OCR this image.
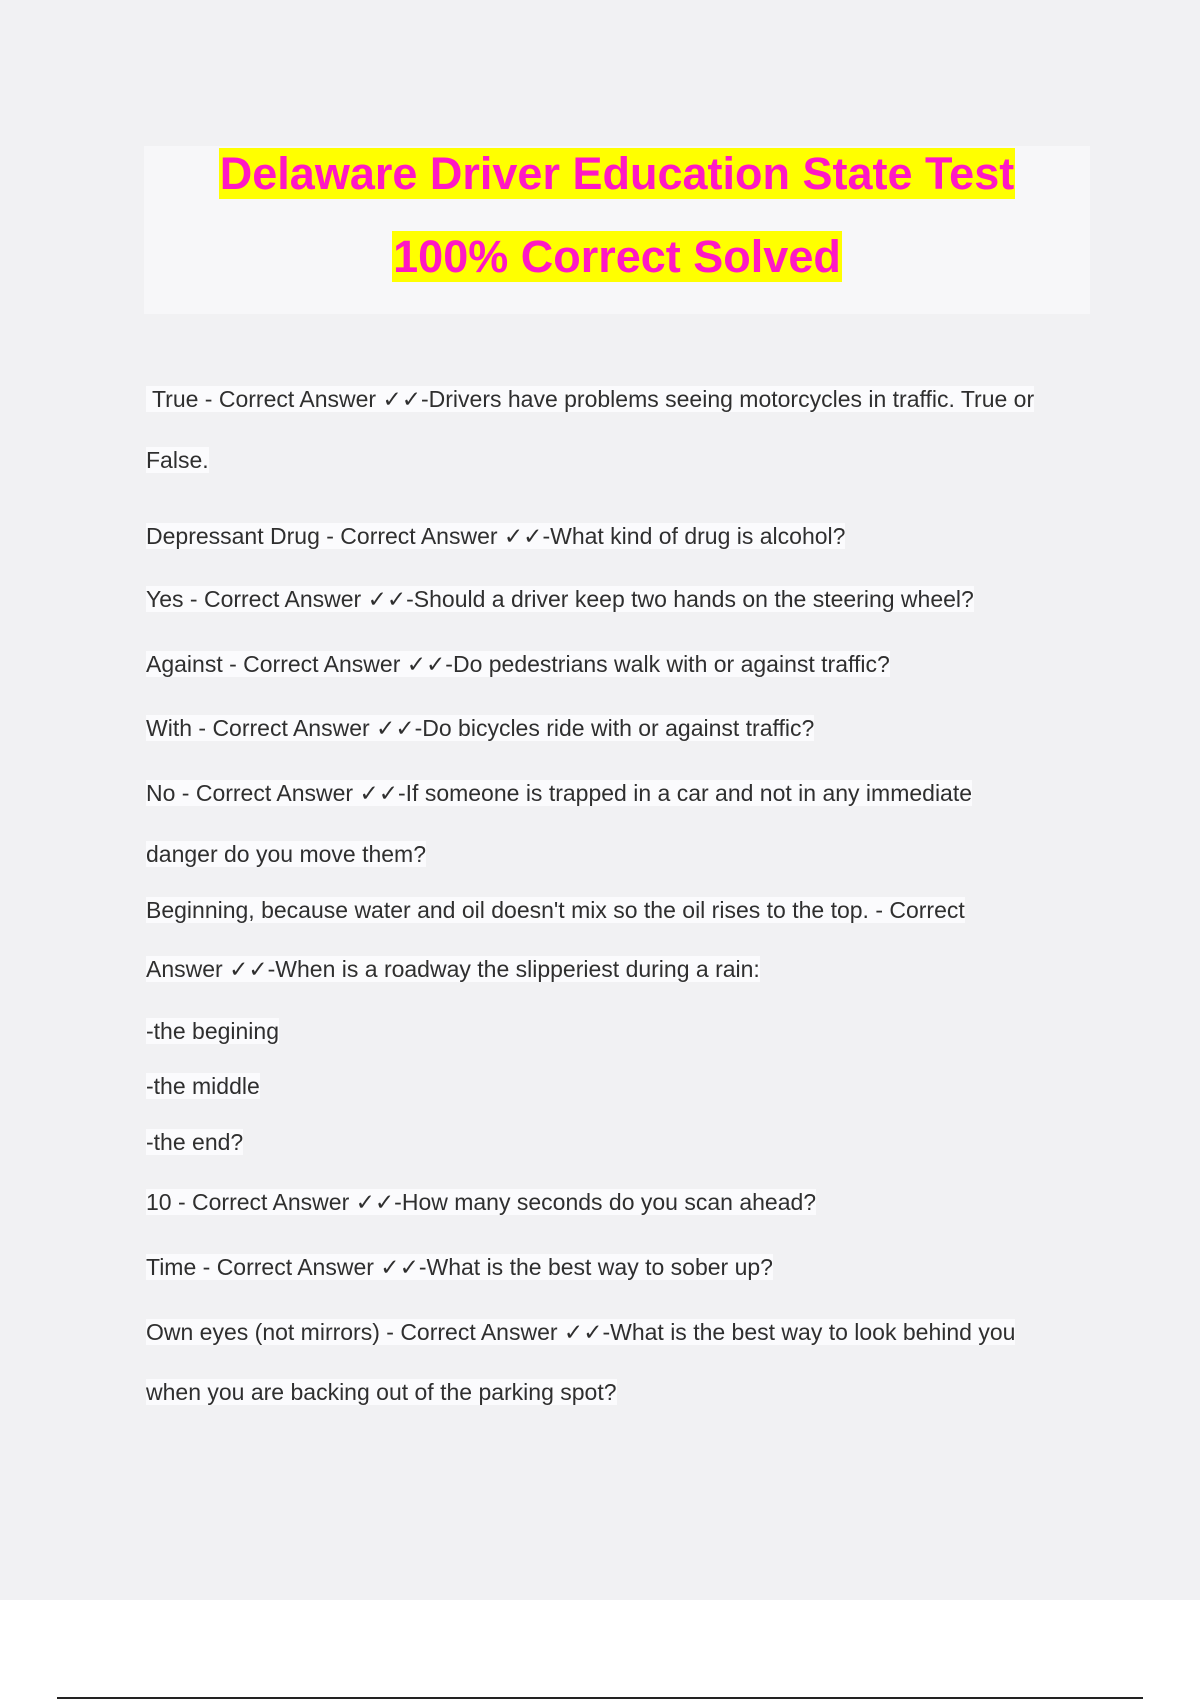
Delaware Driver Education State Test
100% Correct Solved
True - Correct Answer ✓✓-Drivers have problems seeing motorcycles in traffic. True or
False.
Depressant Drug - Correct Answer ✓✓-What kind of drug is alcohol?
Yes - Correct Answer ✓✓-Should a driver keep two hands on the steering wheel?
Against - Correct Answer ✓✓-Do pedestrians walk with or against traffic?
With - Correct Answer ✓✓-Do bicycles ride with or against traffic?
No - Correct Answer ✓✓-If someone is trapped in a car and not in any immediate
danger do you move them?
Beginning, because water and oil doesn't mix so the oil rises to the top. - Correct
Answer ✓✓-When is a roadway the slipperiest during a rain:
-the begining
-the middle
-the end?
10 - Correct Answer ✓✓-How many seconds do you scan ahead?
Time - Correct Answer ✓✓-What is the best way to sober up?
Own eyes (not mirrors) - Correct Answer ✓✓-What is the best way to look behind you
when you are backing out of the parking spot?
